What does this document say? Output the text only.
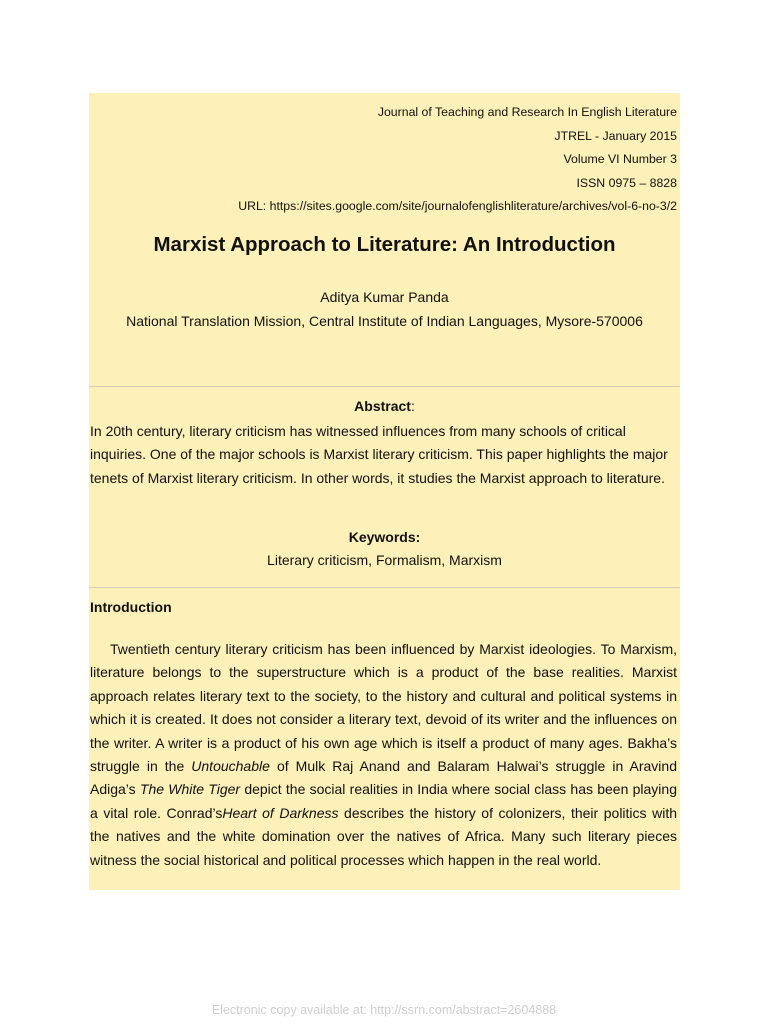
Journal of Teaching and Research In English Literature
JTREL - January 2015
Volume VI Number 3
ISSN 0975 – 8828
URL: https://sites.google.com/site/journalofenglishliterature/archives/vol-6-no-3/2
Marxist Approach to Literature: An Introduction
Aditya Kumar Panda
National Translation Mission, Central Institute of Indian Languages, Mysore-570006
Abstract:
In 20th century, literary criticism has witnessed influences from many schools of critical inquiries. One of the major schools is Marxist literary criticism. This paper highlights the major tenets of Marxist literary criticism. In other words, it studies the Marxist approach to literature.
Keywords:
Literary criticism, Formalism, Marxism
Introduction
Twentieth century literary criticism has been influenced by Marxist ideologies. To Marxism, literature belongs to the superstructure which is a product of the base realities. Marxist approach relates literary text to the society, to the history and cultural and political systems in which it is created. It does not consider a literary text, devoid of its writer and the influences on the writer. A writer is a product of his own age which is itself a product of many ages. Bakha’s struggle in the Untouchable of Mulk Raj Anand and Balaram Halwai’s struggle in Aravind Adiga’s The White Tiger depict the social realities in India where social class has been playing a vital role. Conrad’sHeart of Darkness describes the history of colonizers, their politics with the natives and the white domination over the natives of Africa. Many such literary pieces witness the social historical and political processes which happen in the real world.
Electronic copy available at: http://ssrn.com/abstract=2604888
